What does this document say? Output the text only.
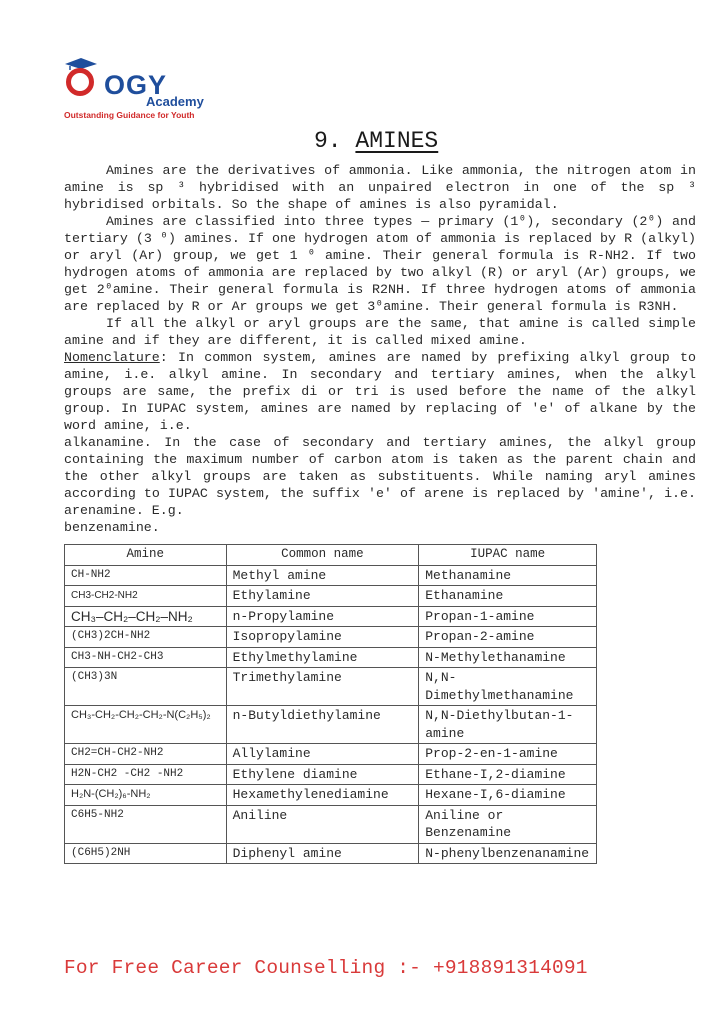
OGY
Academy
Outstanding Guidance for Youth
9. AMINES

Amines are the derivatives of ammonia. Like ammonia, the nitrogen atom in amine is sp ³ hybridised with an unpaired electron in one of the sp ³ hybridised orbitals. So the shape of amines is also pyramidal.

Amines are classified into three types — primary (1⁰), secondary (2⁰) and tertiary (3 ⁰) amines. If one hydrogen atom of ammonia is replaced by R (alkyl) or aryl (Ar) group, we get 1 ⁰ amine. Their general formula is R-NH2. If two hydrogen atoms of ammonia are replaced by two alkyl (R) or aryl (Ar) groups, we get 2⁰amine. Their general formula is R2NH. If three hydrogen atoms of ammonia are replaced by R or Ar groups we get 3⁰amine. Their general formula is R3NH.

If all the alkyl or aryl groups are the same, that amine is called simple amine and if they are different, it is called mixed amine.

Nomenclature: In common system, amines are named by prefixing alkyl group to amine, i.e. alkyl amine. In secondary and tertiary amines, when the alkyl groups are same, the prefix di or tri is used before the name of the alkyl group. In IUPAC system, amines are named by replacing of 'e' of alkane by the word amine, i.e.

alkanamine. In the case of secondary and tertiary amines, the alkyl group containing the maximum number of carbon atom is taken as the parent chain and the other alkyl groups are taken as substituents. While naming aryl amines according to IUPAC system, the suffix 'e' of arene is replaced by 'amine', i.e. arenamine. E.g.

benzenamine.

Amine	Common name	IUPAC name
CH-NH2	Methyl amine	Methanamine
CH3-CH2-NH2	Ethylamine	Ethanamine
CH₃–CH₂–CH₂–NH₂	n-Propylamine	Propan-1-amine
(CH3)2CH-NH2	Isopropylamine	Propan-2-amine
CH3-NH-CH2-CH3	Ethylmethylamine	N-Methylethanamine
(CH3)3N	Trimethylamine	N,N-Dimethylmethanamine
CH₃-CH₂-CH₂-CH₂-N(C₂H₅)₂	n-Butyldiethylamine	N,N-Diethylbutan-1-amine
CH2=CH-CH2-NH2	Allylamine	Prop-2-en-1-amine
H2N-CH2 -CH2 -NH2	Ethylene diamine	Ethane-I,2-diamine
H₂N-(CH₂)₆-NH₂	Hexamethylenediamine	Hexane-I,6-diamine
C6H5-NH2	Aniline	Aniline or Benzenamine
(C6H5)2NH	Diphenyl amine	N-phenylbenzenanamine
For Free Career Counselling :- +918891314091
